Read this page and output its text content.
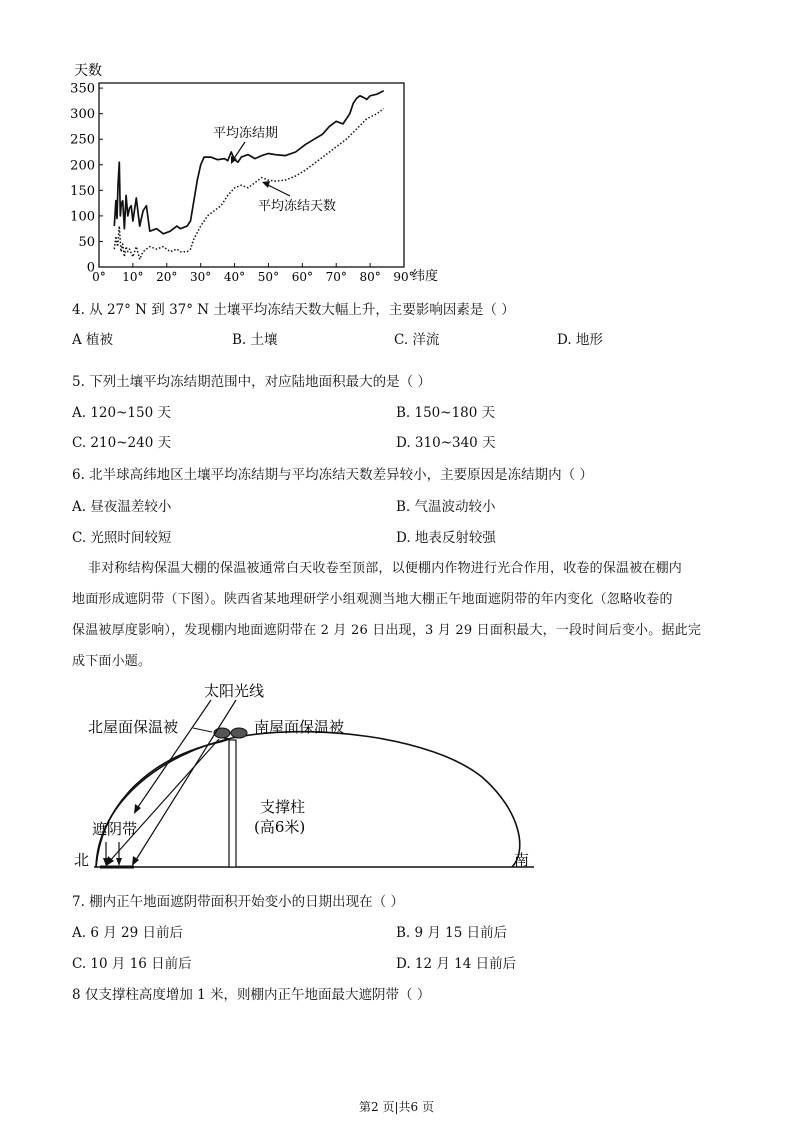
天数
0
50
100
150
200
250
300
350
0° 10° 20° 30° 40° 50° 60° 70° 80° 90°
纬度
平均冻结期
平均冻结天数
4. 从 27° N 到 37° N 土壤平均冻结天数大幅上升，主要影响因素是（ ）
A 植被	B. 土壤	C. 洋流	D. 地形
5. 下列土壤平均冻结期范围中，对应陆地面积最大的是（ ）
A. 120~150 天	B. 150~180 天
C. 210~240 天	D. 310~340 天
6. 北半球高纬地区土壤平均冻结期与平均冻结天数差异较小，主要原因是冻结期内（ ）
A. 昼夜温差较小	B. 气温波动较小
C. 光照时间较短	D. 地表反射较强
非对称结构保温大棚的保温被通常白天收卷至顶部，以便棚内作物进行光合作用，收卷的保温被在棚内
地面形成遮阴带（下图）。陕西省某地理研学小组观测当地大棚正午地面遮阴带的年内变化（忽略收卷的
保温被厚度影响），发现棚内地面遮阴带在 2 月 26 日出现，3 月 29 日面积最大，一段时间后变小。据此完
成下面小题。
太阳光线
北屋面保温被	南屋面保温被
支撑柱
(高6米)
遮阴带
北	南
7. 棚内正午地面遮阴带面积开始变小的日期出现在（ ）
A. 6 月 29 日前后	B. 9 月 15 日前后
C. 10 月 16 日前后	D. 12 月 14 日前后
8 仅支撑柱高度增加 1 米，则棚内正午地面最大遮阴带（ ）
第2 页|共6 页
